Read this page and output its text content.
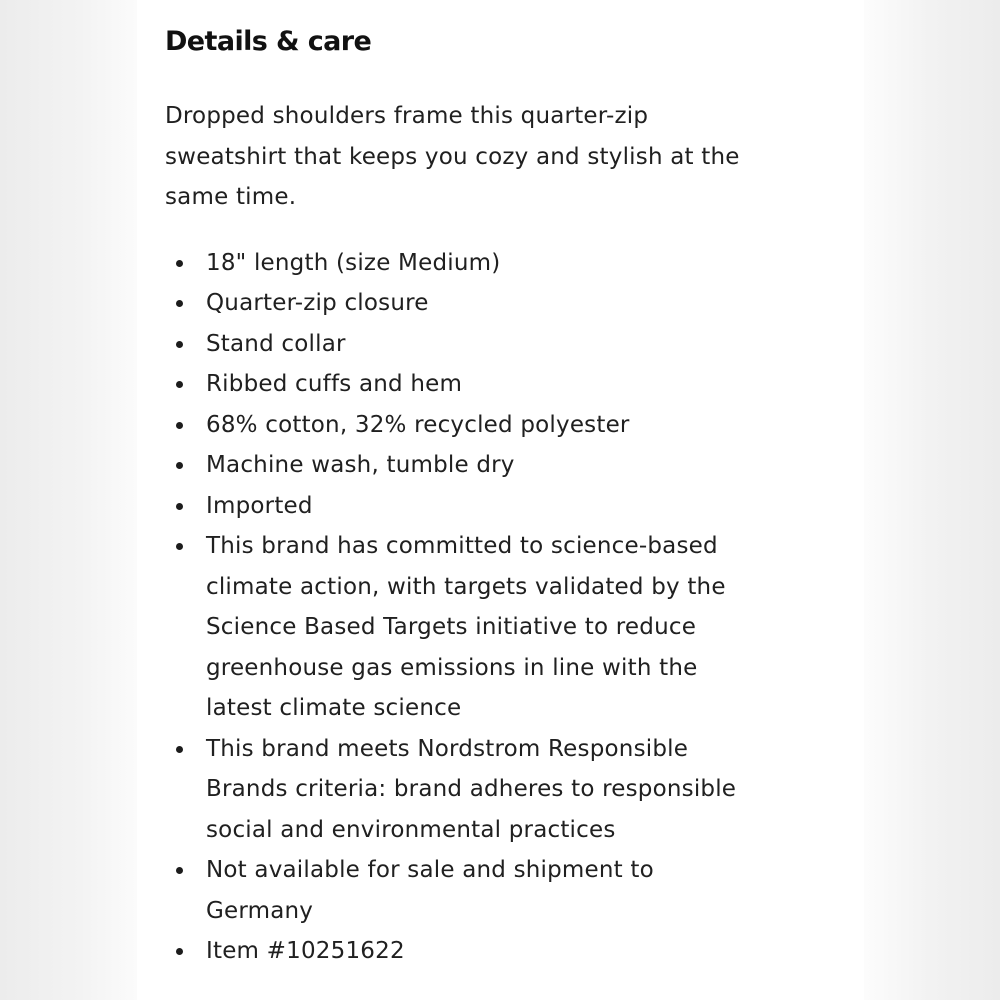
Details & care

Dropped shoulders frame this quarter-zip
sweatshirt that keeps you cozy and stylish at the
same time.

18" length (size Medium)
Quarter-zip closure
Stand collar
Ribbed cuffs and hem
68% cotton, 32% recycled polyester
Machine wash, tumble dry
Imported
This brand has committed to science-based
climate action, with targets validated by the
Science Based Targets initiative to reduce
greenhouse gas emissions in line with the
latest climate science
This brand meets Nordstrom Responsible
Brands criteria: brand adheres to responsible
social and environmental practices
Not available for sale and shipment to
Germany
Item #10251622
